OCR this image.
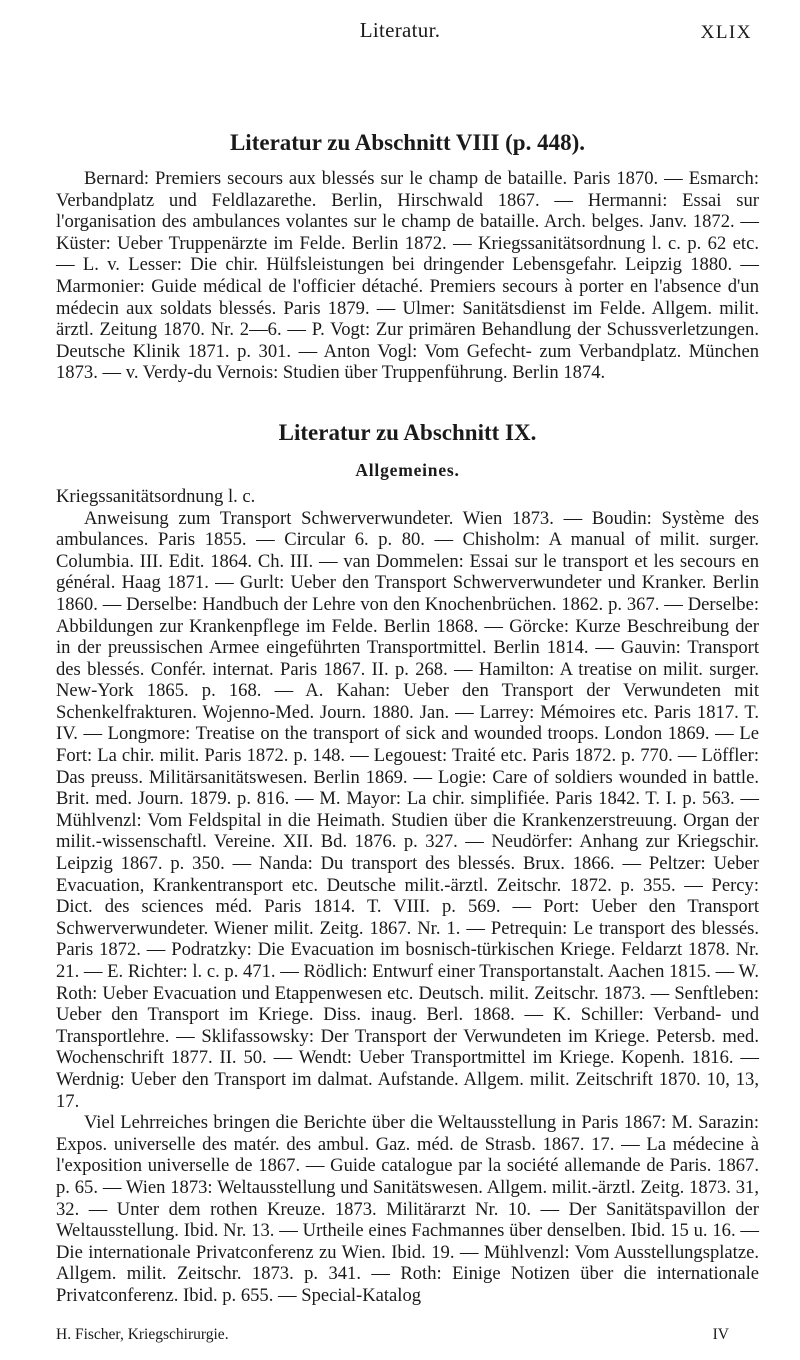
Literatur.	XLIX
Literatur zu Abschnitt VIII (p. 448).

Bernard: Premiers secours aux blessés sur le champ de bataille. Paris 1870. — Esmarch: Verbandplatz und Feldlazarethe. Berlin, Hirschwald 1867. — Hermanni: Essai sur l'organisation des ambulances volantes sur le champ de bataille. Arch. belges. Janv. 1872. — Küster: Ueber Truppenärzte im Felde. Berlin 1872. — Kriegssanitätsordnung l. c. p. 62 etc. — L. v. Lesser: Die chir. Hülfsleistungen bei dringender Lebensgefahr. Leipzig 1880. — Marmonier: Guide médical de l'officier détaché. Premiers secours à porter en l'absence d'un médecin aux soldats blessés. Paris 1879. — Ulmer: Sanitätsdienst im Felde. Allgem. milit. ärztl. Zeitung 1870. Nr. 2—6. — P. Vogt: Zur primären Behandlung der Schussverletzungen. Deutsche Klinik 1871. p. 301. — Anton Vogl: Vom Gefecht- zum Verbandplatz. München 1873. — v. Verdy-du Vernois: Studien über Truppenführung. Berlin 1874.

Literatur zu Abschnitt IX.
Allgemeines.

Kriegssanitätsordnung l. c.

Anweisung zum Transport Schwerverwundeter. Wien 1873. — Boudin: Système des ambulances. Paris 1855. — Circular 6. p. 80. — Chisholm: A manual of milit. surger. Columbia. III. Edit. 1864. Ch. III. — van Dommelen: Essai sur le transport et les secours en général. Haag 1871. — Gurlt: Ueber den Transport Schwerverwundeter und Kranker. Berlin 1860. — Derselbe: Handbuch der Lehre von den Knochenbrüchen. 1862. p. 367. — Derselbe: Abbildungen zur Krankenpflege im Felde. Berlin 1868. — Görcke: Kurze Beschreibung der in der preussischen Armee eingeführten Transportmittel. Berlin 1814. — Gauvin: Transport des blessés. Confér. internat. Paris 1867. II. p. 268. — Hamilton: A treatise on milit. surger. New-York 1865. p. 168. — A. Kahan: Ueber den Transport der Verwundeten mit Schenkelfrakturen. Wojenno-Med. Journ. 1880. Jan. — Larrey: Mémoires etc. Paris 1817. T. IV. — Longmore: Treatise on the transport of sick and wounded troops. London 1869. — Le Fort: La chir. milit. Paris 1872. p. 148. — Legouest: Traité etc. Paris 1872. p. 770. — Löffler: Das preuss. Militärsanitätswesen. Berlin 1869. — Logie: Care of soldiers wounded in battle. Brit. med. Journ. 1879. p. 816. — M. Mayor: La chir. simplifiée. Paris 1842. T. I. p. 563. — Mühlvenzl: Vom Feldspital in die Heimath. Studien über die Krankenzerstreuung. Organ der milit.-wissenschaftl. Vereine. XII. Bd. 1876. p. 327. — Neudörfer: Anhang zur Kriegschir. Leipzig 1867. p. 350. — Nanda: Du transport des blessés. Brux. 1866. — Peltzer: Ueber Evacuation, Krankentransport etc. Deutsche milit.-ärztl. Zeitschr. 1872. p. 355. — Percy: Dict. des sciences méd. Paris 1814. T. VIII. p. 569. — Port: Ueber den Transport Schwerverwundeter. Wiener milit. Zeitg. 1867. Nr. 1. — Petrequin: Le transport des blessés. Paris 1872. — Podratzky: Die Evacuation im bosnisch-türkischen Kriege. Feldarzt 1878. Nr. 21. — E. Richter: l. c. p. 471. — Rödlich: Entwurf einer Transportanstalt. Aachen 1815. — W. Roth: Ueber Evacuation und Etappenwesen etc. Deutsch. milit. Zeitschr. 1873. — Senftleben: Ueber den Transport im Kriege. Diss. inaug. Berl. 1868. — K. Schiller: Verband- und Transportlehre. — Sklifassowsky: Der Transport der Verwundeten im Kriege. Petersb. med. Wochenschrift 1877. II. 50. — Wendt: Ueber Transportmittel im Kriege. Kopenh. 1816. — Werdnig: Ueber den Transport im dalmat. Aufstande. Allgem. milit. Zeitschrift 1870. 10, 13, 17.

Viel Lehrreiches bringen die Berichte über die Weltausstellung in Paris 1867: M. Sarazin: Expos. universelle des matér. des ambul. Gaz. méd. de Strasb. 1867. 17. — La médecine à l'exposition universelle de 1867. — Guide catalogue par la société allemande de Paris. 1867. p. 65. — Wien 1873: Weltausstellung und Sanitätswesen. Allgem. milit.-ärztl. Zeitg. 1873. 31, 32. — Unter dem rothen Kreuze. 1873. Militärarzt Nr. 10. — Der Sanitätspavillon der Weltausstellung. Ibid. Nr. 13. — Urtheile eines Fachmannes über denselben. Ibid. 15 u. 16. — Die internationale Privatconferenz zu Wien. Ibid. 19. — Mühlvenzl: Vom Ausstellungsplatze. Allgem. milit. Zeitschr. 1873. p. 341. — Roth: Einige Notizen über die internationale Privatconferenz. Ibid. p. 655. — Special-Katalog

H. Fischer, Kriegschirurgie.	IV
